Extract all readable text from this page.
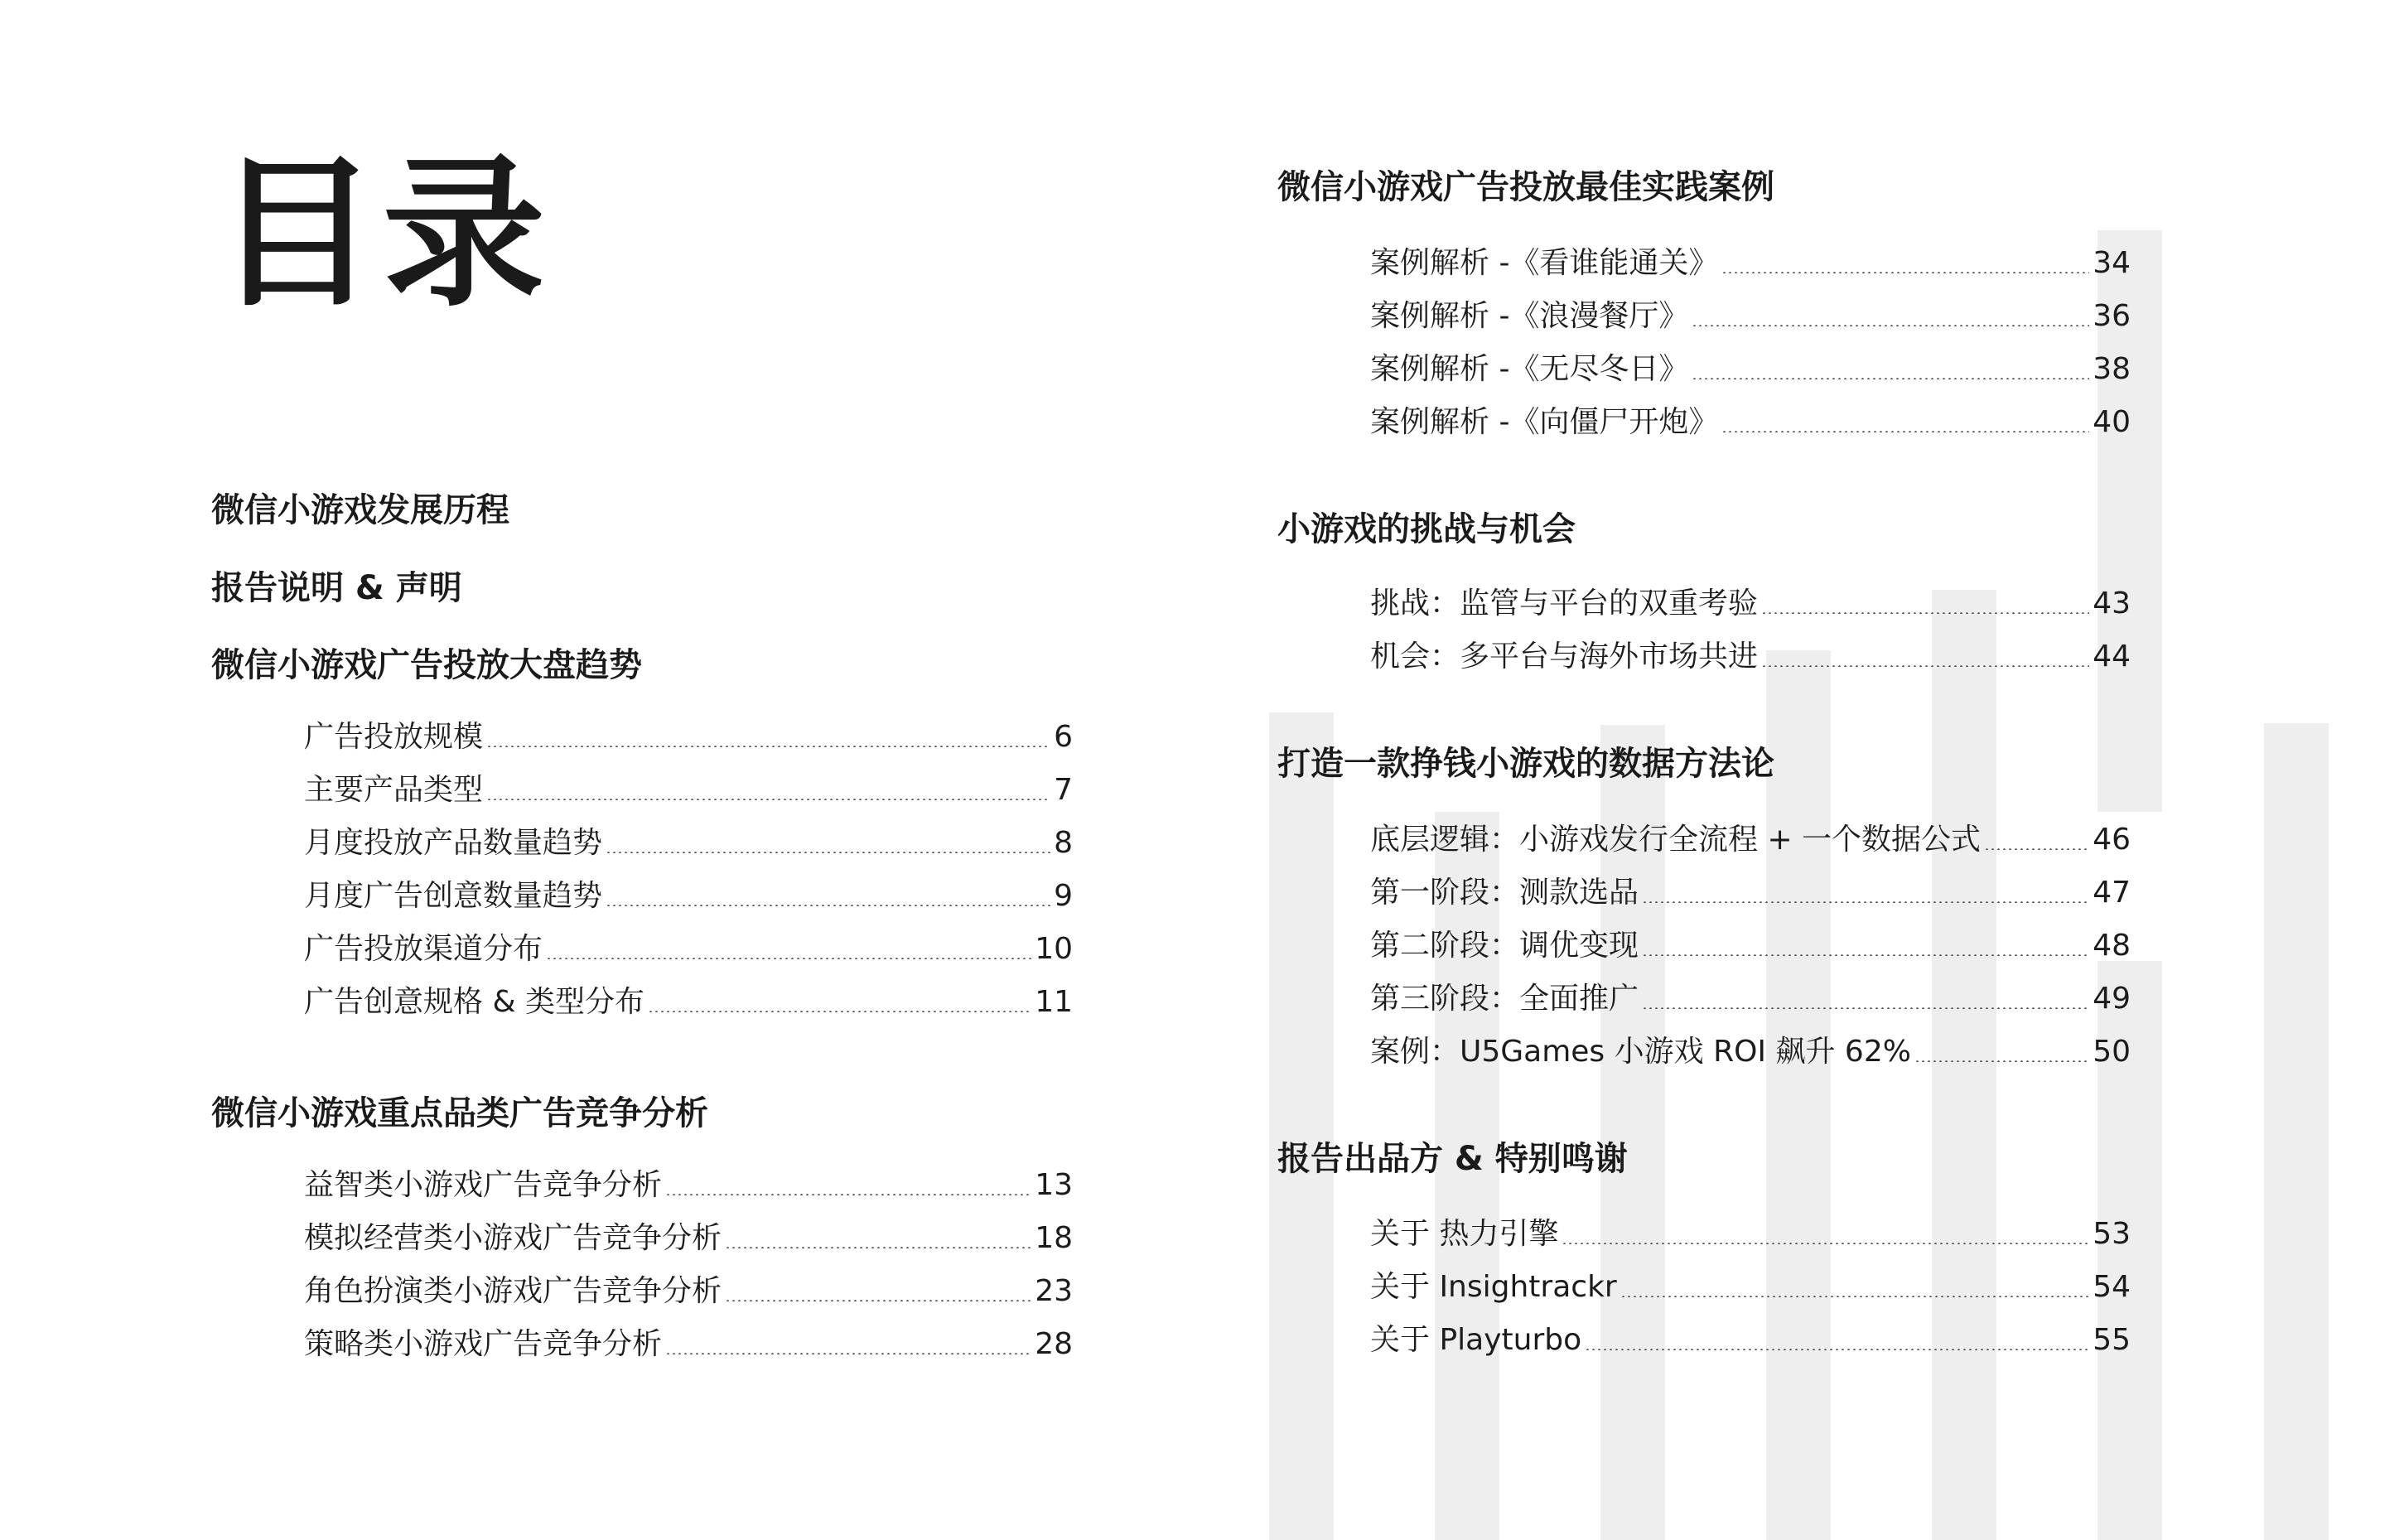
目录
微信小游戏发展历程
报告说明 & 声明
微信小游戏广告投放大盘趋势
广告投放规模	6
主要产品类型	7
月度投放产品数量趋势	8
月度广告创意数量趋势	9
广告投放渠道分布	10
广告创意规格 & 类型分布	11
微信小游戏重点品类广告竞争分析
益智类小游戏广告竞争分析	13
模拟经营类小游戏广告竞争分析	18
角色扮演类小游戏广告竞争分析	23
策略类小游戏广告竞争分析	28
微信小游戏广告投放最佳实践案例
案例解析 -《看谁能通关》	34
案例解析 -《浪漫餐厅》	36
案例解析 -《无尽冬日》	38
案例解析 -《向僵尸开炮》	40
小游戏的挑战与机会
挑战：监管与平台的双重考验	43
机会：多平台与海外市场共进	44
打造一款挣钱小游戏的数据方法论
底层逻辑：小游戏发行全流程 + 一个数据公式	46
第一阶段：测款选品	47
第二阶段：调优变现	48
第三阶段：全面推广	49
案例：U5Games 小游戏 ROI 飙升 62%	50
报告出品方 & 特别鸣谢
关于 热力引擎	53
关于 Insightrackr	54
关于 Playturbo	55
